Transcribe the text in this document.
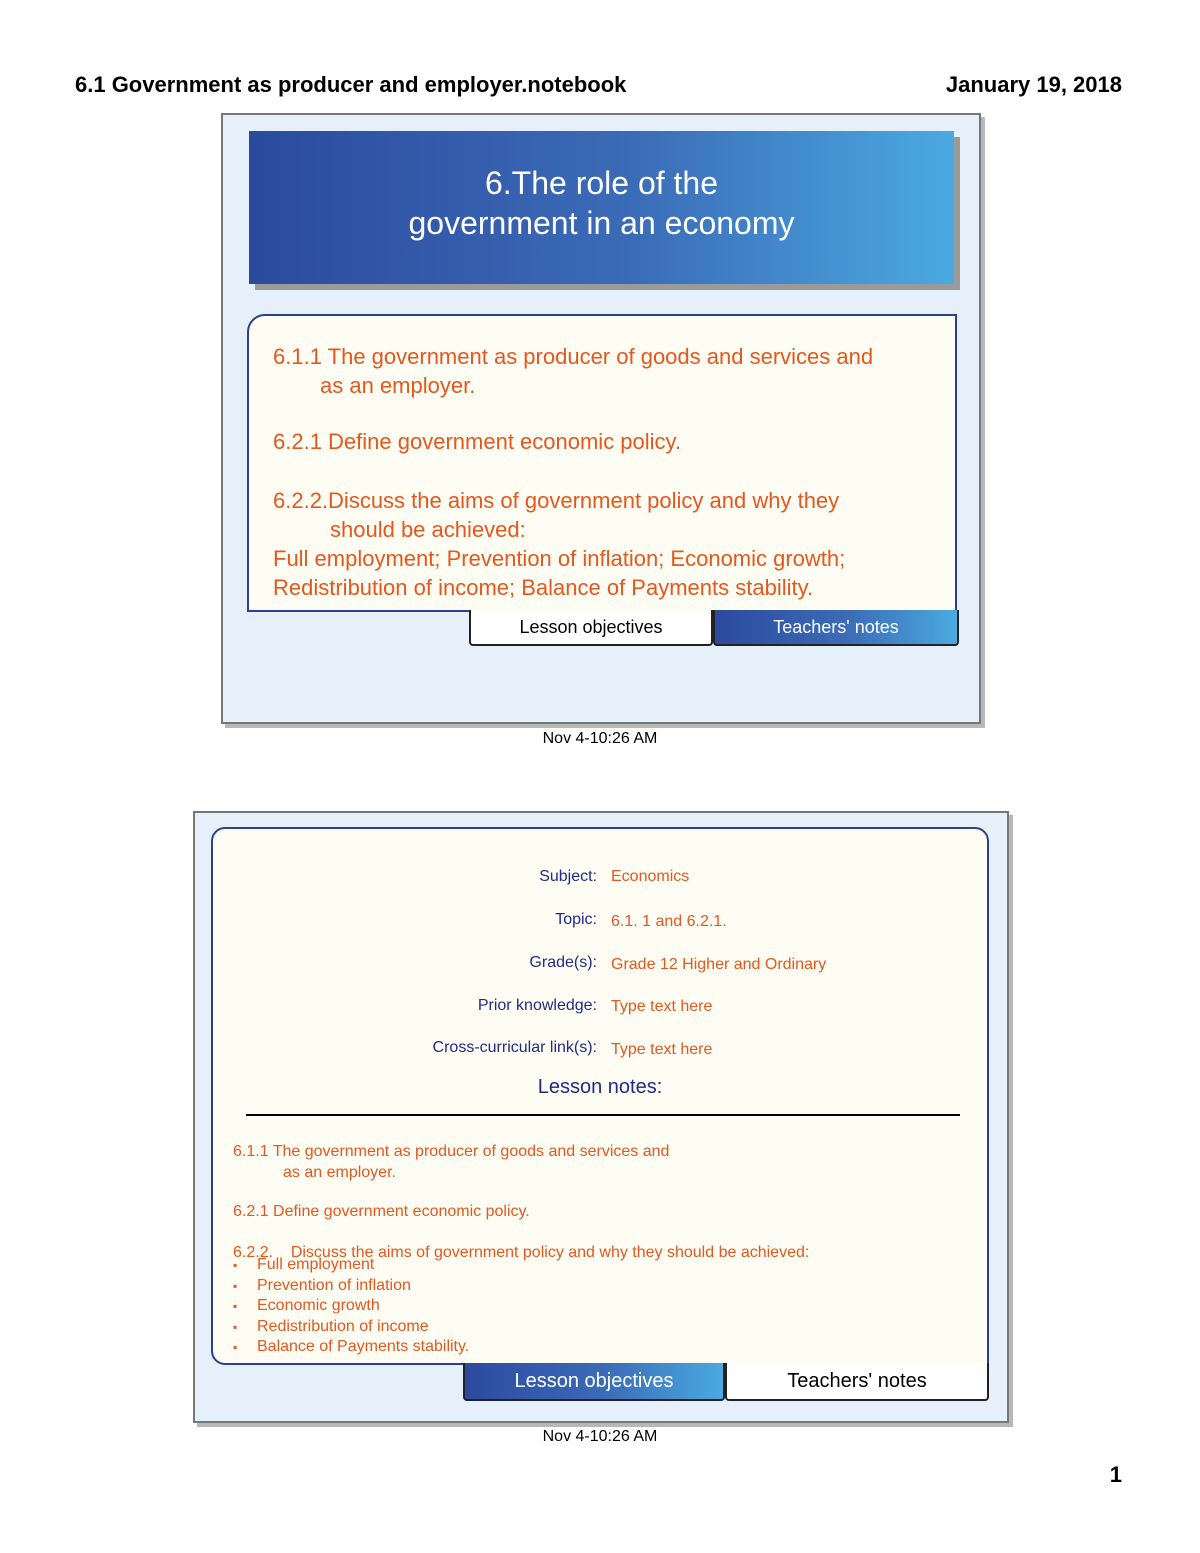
6.1 Government as producer and employer.notebook	January 19, 2018
6.The role of the
government in an economy
6.1.1 The government as producer of goods and services and
as an employer.
6.2.1 Define government economic policy.
6.2.2.Discuss the aims of government policy and why they
should be achieved:
Full employment; Prevention of inflation; Economic growth;
Redistribution of income; Balance of Payments stability.
Lesson objectives	Teachers' notes
Nov 4-10:26 AM
Subject: Economics
Topic: 6.1. 1 and 6.2.1.
Grade(s): Grade 12 Higher and Ordinary
Prior knowledge: Type text here
Cross-curricular link(s): Type text here
Lesson notes:
6.1.1 The government as producer of goods and services and
as an employer.
6.2.1 Define government economic policy.
6.2.2.    Discuss the aims of government policy and why they should be achieved:
▪ Full employment
▪ Prevention of inflation
▪ Economic growth
▪ Redistribution of income
▪ Balance of Payments stability.
Lesson objectives	Teachers' notes
Nov 4-10:26 AM
1
